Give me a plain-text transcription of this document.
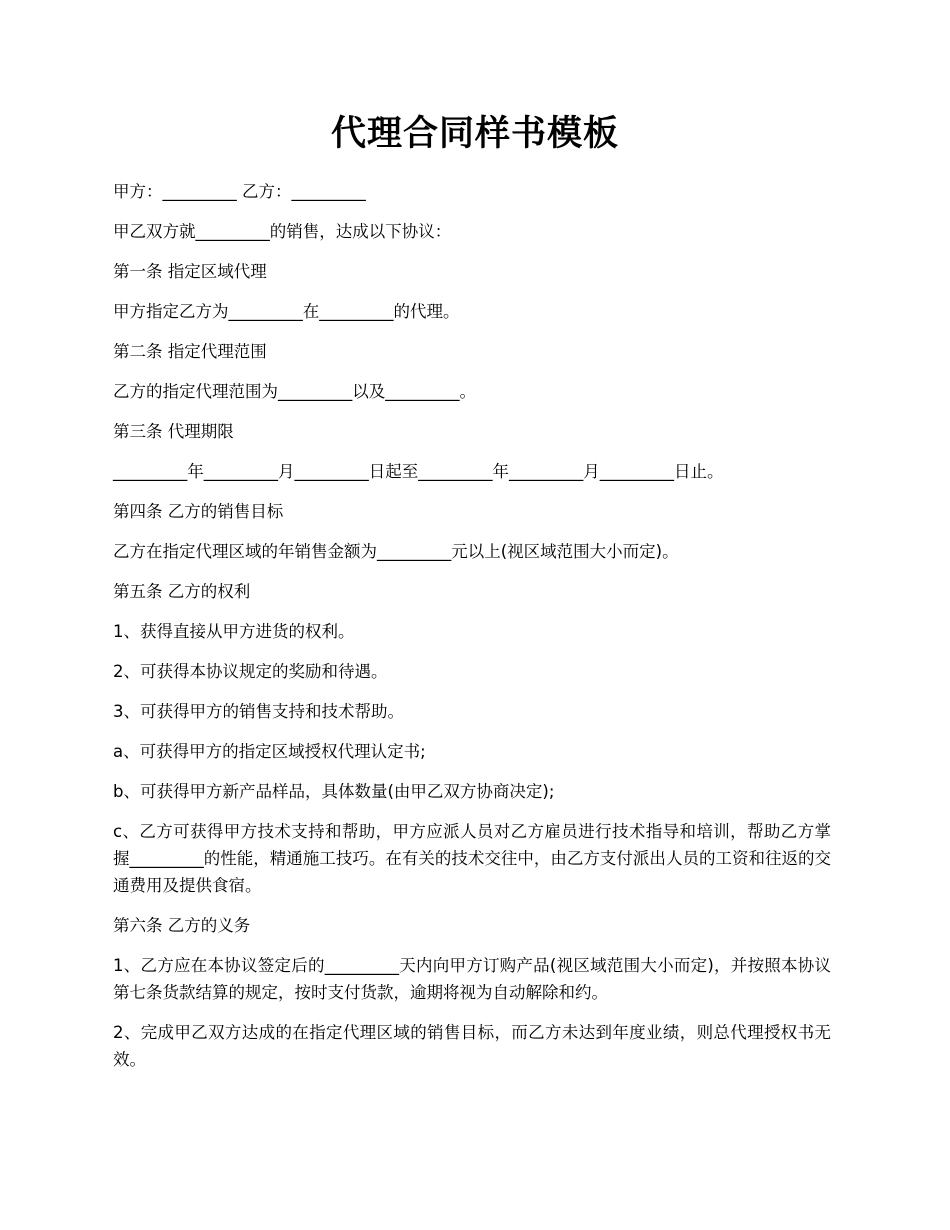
代理合同样书模板

甲方：_________ 乙方：_________

甲乙双方就_________的销售，达成以下协议：

第一条 指定区域代理

甲方指定乙方为_________在_________的代理。

第二条 指定代理范围

乙方的指定代理范围为_________以及_________。

第三条 代理期限

_________年_________月_________日起至_________年_________月_________日止。

第四条 乙方的销售目标

乙方在指定代理区域的年销售金额为_________元以上(视区域范围大小而定)。

第五条 乙方的权利

1、获得直接从甲方进货的权利。

2、可获得本协议规定的奖励和待遇。

3、可获得甲方的销售支持和技术帮助。

a、可获得甲方的指定区域授权代理认定书;

b、可获得甲方新产品样品，具体数量(由甲乙双方协商决定);

c、乙方可获得甲方技术支持和帮助，甲方应派人员对乙方雇员进行技术指导和培训，帮助乙方掌握_________的性能，精通施工技巧。在有关的技术交往中，由乙方支付派出人员的工资和往返的交通费用及提供食宿。

第六条 乙方的义务

1、乙方应在本协议签定后的_________天内向甲方订购产品(视区域范围大小而定)，并按照本协议第七条货款结算的规定，按时支付货款，逾期将视为自动解除和约。

2、完成甲乙双方达成的在指定代理区域的销售目标，而乙方未达到年度业绩，则总代理授权书无效。
